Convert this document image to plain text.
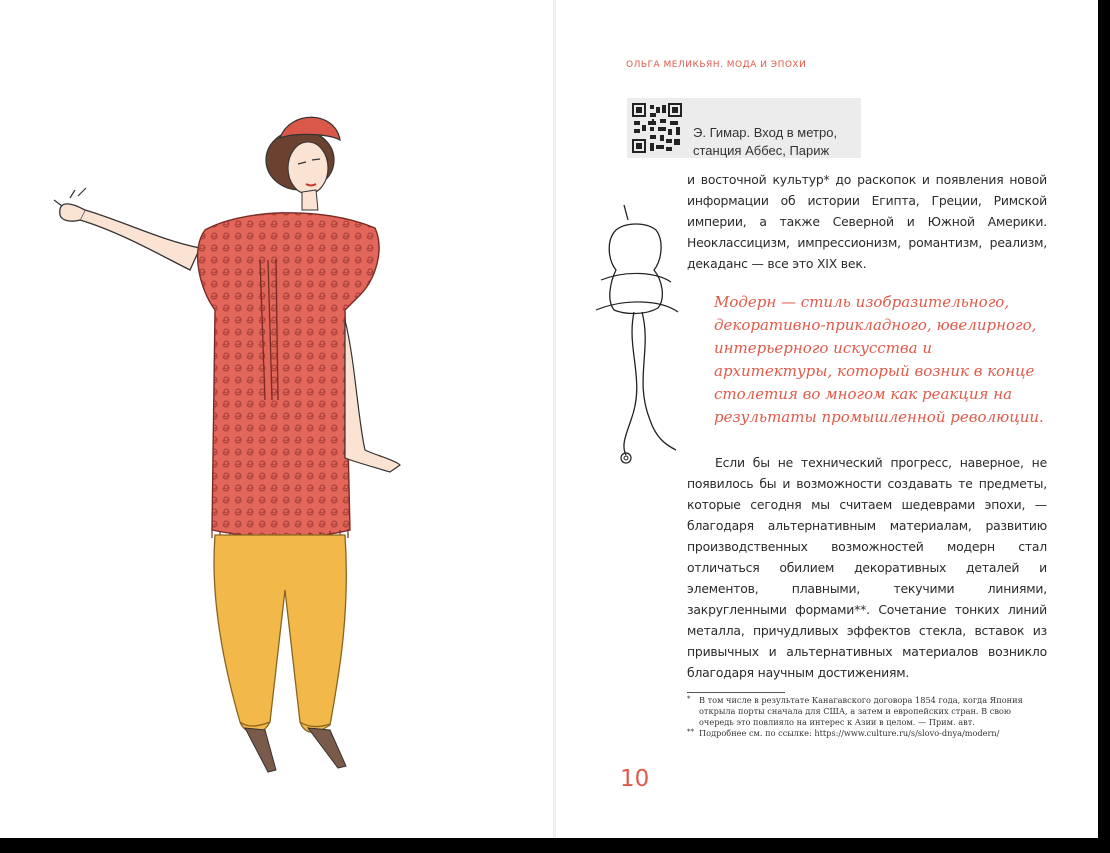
ОЛЬГА МЕЛИКЬЯН. МОДА И ЭПОХИ
Э. Гимар. Вход в метро,
станция Аббес, Париж

и восточной культур* до раскопок и появления новой информации об истории Египта, Греции, Римской империи, а также Северной и Южной Америки. Неоклассицизм, импрессионизм, романтизм, реализм, декаданс — все это XIX век.

Модерн — стиль изобразительного, декоративно-прикладного, ювелирного, интерьерного искусства и архитектуры, который возник в конце столетия во многом как реакция на результаты промышленной революции.

Если бы не технический прогресс, наверное, не появилось бы и возможности создавать те предметы, которые сегодня мы считаем шедеврами эпохи, — благодаря альтернативным материалам, развитию производственных возможностей модерн стал отличаться обилием декоративных деталей и элементов, плавными, текучими линиями, закругленными формами**. Сочетание тонких линий металла, причудливых эффектов стекла, вставок из привычных и альтернативных материалов возникло благодаря научным достижениям.

* В том числе в результате Канагавского договора 1854 года, когда Япония открыла порты сначала для США, а затем и европейских стран. В свою очередь это повлияло на интерес к Азии в целом. — Прим. авт.
** Подробнее см. по ссылке: https://www.culture.ru/s/slovo-dnya/modern/
10
